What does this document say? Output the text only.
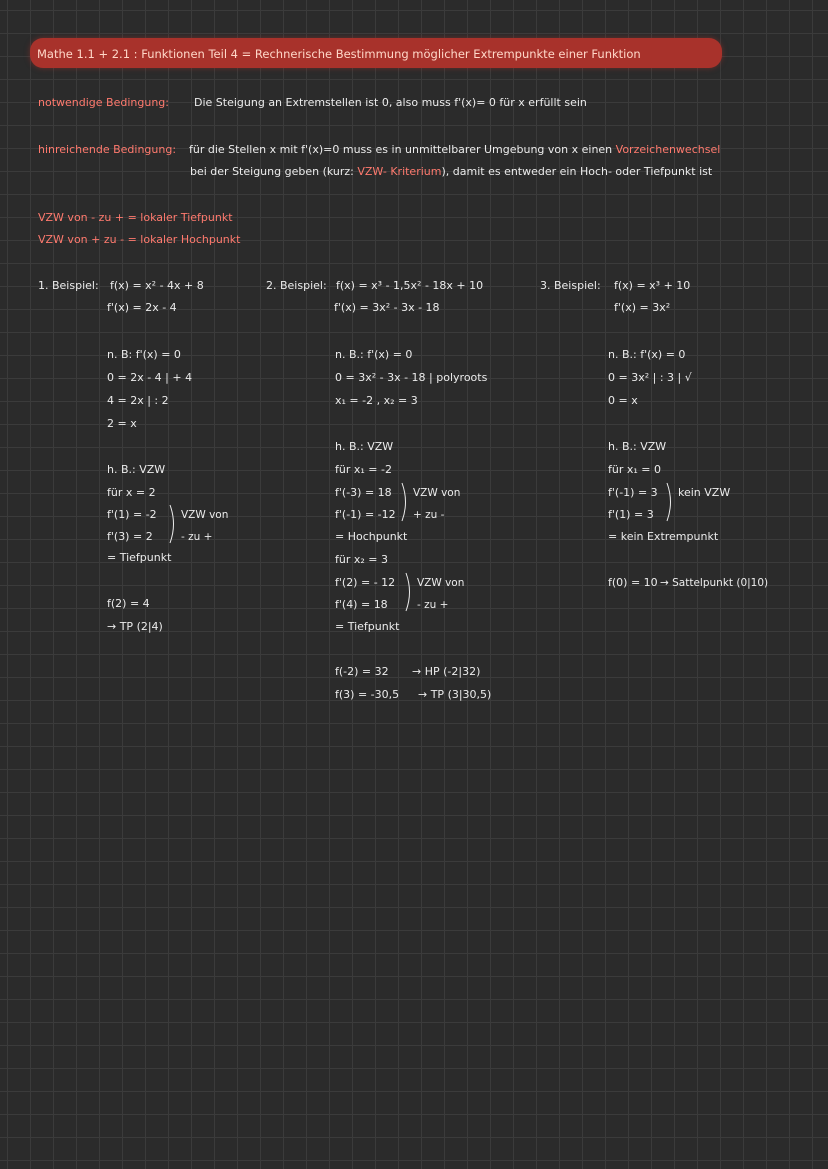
Mathe 1.1 + 2.1 : Funktionen Teil 4 = Rechnerische Bestimmung möglicher Extrempunkte einer Funktion
notwendige Bedingung: Die Steigung an Extremstellen ist 0, also muss f'(x)= 0 für x erfüllt sein
hinreichende Bedingung: für die Stellen x mit f'(x)=0 muss es in unmittelbarer Umgebung von x einen Vorzeichenwechsel
bei der Steigung geben (kurz: VZW- Kriterium), damit es entweder ein Hoch- oder Tiefpunkt ist
VZW von - zu + = lokaler Tiefpunkt
VZW von + zu - = lokaler Hochpunkt
1. Beispiel: f(x) = x² - 4x + 8
f'(x) = 2x - 4
n. B: f'(x) = 0
0 = 2x - 4 | + 4
4 = 2x | : 2
2 = x
h. B.: VZW
für x = 2
f'(1) = -2
f'(3) = 2
VZW von
- zu +
= Tiefpunkt
f(2) = 4
→ TP (2|4)
2. Beispiel: f(x) = x³ - 1,5x² - 18x + 10
f'(x) = 3x² - 3x - 18
n. B.: f'(x) = 0
0 = 3x² - 3x - 18 | polyroots
x₁ = -2 , x₂ = 3
h. B.: VZW
für x₁ = -2
f'(-3) = 18
f'(-1) = -12
VZW von
+ zu -
= Hochpunkt
für x₂ = 3
f'(2) = - 12
f'(4) = 18
VZW von
- zu +
= Tiefpunkt
f(-2) = 32 → HP (-2|32)
f(3) = -30,5 → TP (3|30,5)
3. Beispiel: f(x) = x³ + 10
f'(x) = 3x²
n. B.: f'(x) = 0
0 = 3x² | : 3 | √
0 = x
h. B.: VZW
für x₁ = 0
f'(-1) = 3
f'(1) = 3
kein VZW
= kein Extrempunkt
f(0) = 10 → Sattelpunkt (0|10)
